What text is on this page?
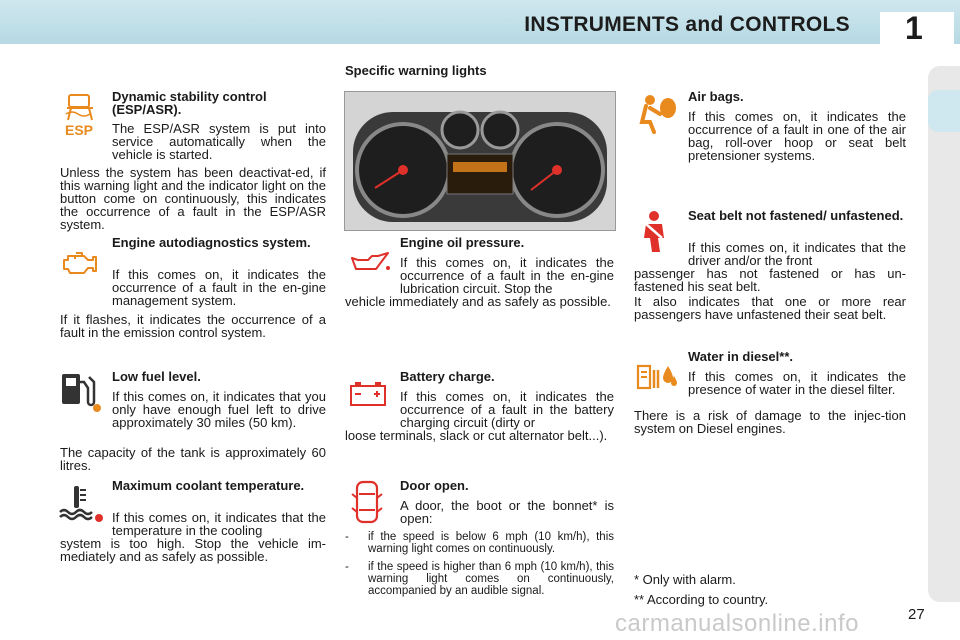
INSTRUMENTS and CONTROLS 1

Specific warning lights

ESP

Dynamic stability control (ESP/ASR).

The ESP/ASR system is put into service automatically when the vehicle is started.

Unless the system has been deactivat-ed, if this warning light and the indicator light on the button come on continuously, this indicates the occurrence of a fault in the ESP/ASR system.

Engine autodiagnostics system.

If this comes on, it indicates the occurrence of a fault in the en-gine management system.

If it flashes, it indicates the occurrence of a fault in the emission control system.

Low fuel level.

If this comes on, it indicates that you only have enough fuel left to drive approximately 30 miles (50 km).

The capacity of the tank is approximately 60 litres.

Maximum coolant temperature.

If this comes on, it indicates that the temperature in the cooling

system is too high. Stop the vehicle im-mediately and as safely as possible.

Engine oil pressure.

If this comes on, it indicates the occurrence of a fault in the en-gine lubrication circuit. Stop the

vehicle immediately and as safely as possible.

Battery charge.

If this comes on, it indicates the occurrence of a fault in the battery charging circuit (dirty or

loose terminals, slack or cut alternator belt...).

Door open.

A door, the boot or the bonnet* is open:

- if the speed is below 6 mph (10 km/h), this warning light comes on continuously.

- if the speed is higher than 6 mph (10 km/h), this warning light comes on continuously, accompanied by an audible signal.

Air bags.

If this comes on, it indicates the occurrence of a fault in one of the air bag, roll-over hoop or seat belt pretensioner systems.

Seat belt not fastened/ unfastened.

If this comes on, it indicates that the driver and/or the front

passenger has not fastened or has un-fastened his seat belt.

It also indicates that one or more rear passengers have unfastened their seat belt.

Water in diesel**.

If this comes on, it indicates the presence of water in the diesel filter.

There is a risk of damage to the injec-tion system on Diesel engines.

* Only with alarm.

** According to country.

carmanualsonline.info	27
